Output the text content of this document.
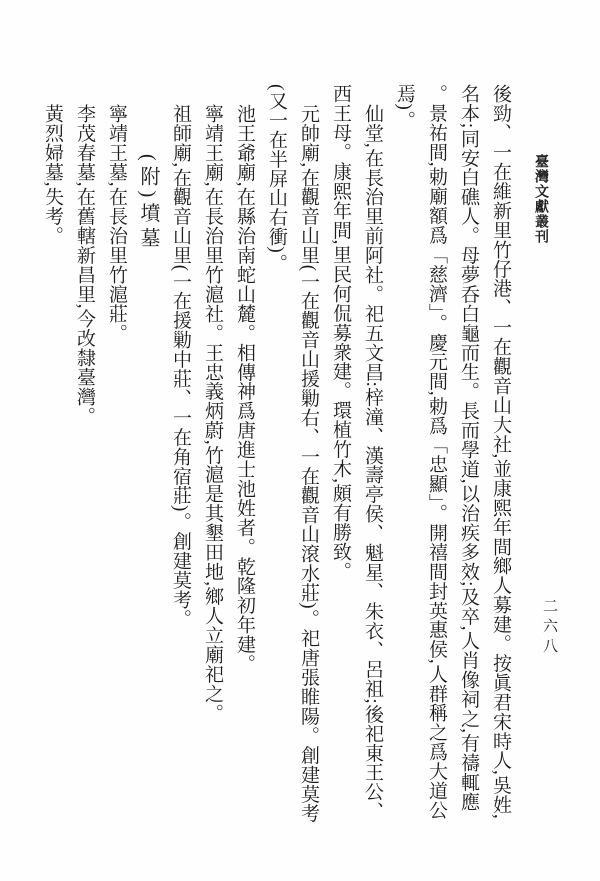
臺灣文獻叢刊
二六八

後勁、一在維新里竹仔港、一在觀音山大社,並康熙年間鄉人募建。按眞君宋時人,吳姓,名本;同安白礁人。母夢呑白龜而生。長而學道,以治疾多效;及卒,人肖像祠之,有禱輒應。景祐間,勅廟額爲「慈濟」。慶元間,勅爲「忠顯」。開禧間封英惠侯,人群稱之爲大道公焉)。

仙堂,在長治里前阿社。祀五文昌:梓潼、漢壽亭侯、魁星、朱衣、呂祖;後祀東王公、西王母。康熙年間,里民何侃募衆建。環植竹木,頗有勝致。

元帥廟,在觀音山里(一在觀音山援勦右、一在觀音山滾水莊)。祀唐張睢陽。創建莫考(又一在半屏山右衝)。

池王爺廟,在縣治南蛇山麓。相傳神爲唐進士池姓者。乾隆初年建。

寧靖王廟,在長治里竹滬社。王忠義炳蔚,竹滬是其墾田地,鄉人立廟祀之。

祖師廟,在觀音山里(一在援勦中莊、一在角宿莊)。創建莫考。

(附)墳墓

寧靖王墓,在長治里竹滬莊。

李茂春墓,在舊轄新昌里,今改隸臺灣。

黃烈婦墓,失考。
